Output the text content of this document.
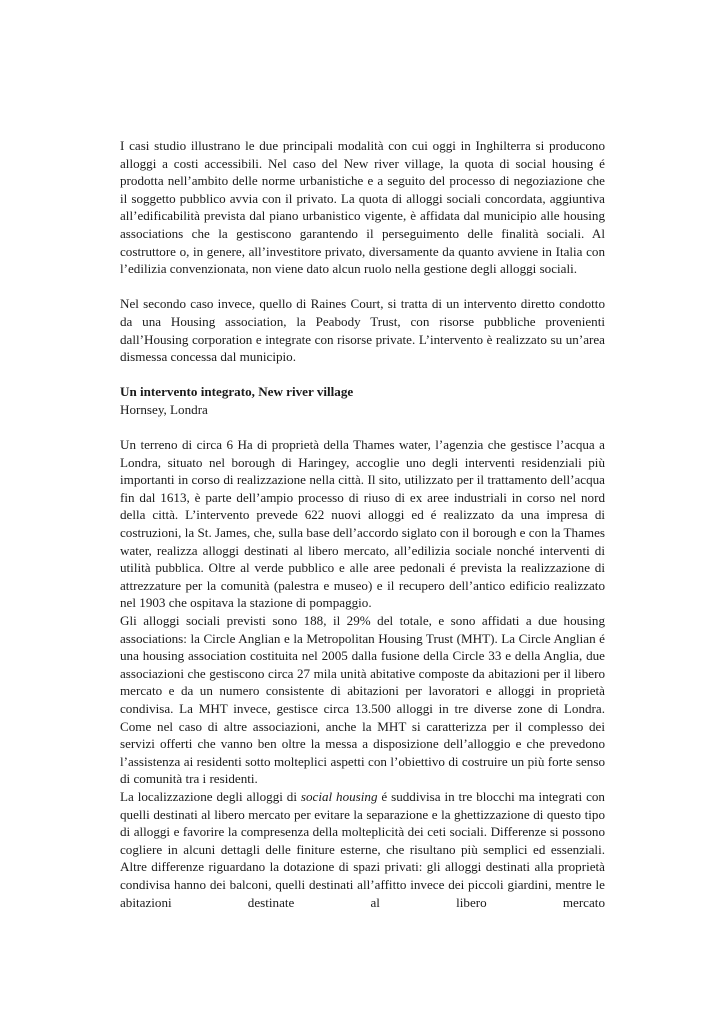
I casi studio illustrano le due principali modalità con cui oggi in Inghilterra si producono alloggi a costi accessibili. Nel caso del New river village, la quota di social housing é prodotta nell’ambito delle norme urbanistiche e a seguito del processo di negoziazione che il soggetto pubblico avvia con il privato. La quota di alloggi sociali concordata, aggiuntiva all’edificabilità prevista dal piano urbanistico vigente, è affidata dal municipio alle housing associations che la gestiscono garantendo il perseguimento delle finalità sociali. Al costruttore o, in genere, all’investitore privato, diversamente da quanto avviene in Italia con l’edilizia convenzionata, non viene dato alcun ruolo nella gestione degli alloggi sociali.

Nel secondo caso invece, quello di Raines Court, si tratta di un intervento diretto condotto da una Housing association, la Peabody Trust, con risorse pubbliche provenienti dall’Housing corporation e integrate con risorse private. L’intervento è realizzato su un’area dismessa concessa dal municipio.

Un intervento integrato, New river village

Hornsey, Londra

Un terreno di circa 6 Ha di proprietà della Thames water, l’agenzia che gestisce l’acqua a Londra, situato nel borough di Haringey, accoglie uno degli interventi residenziali più importanti in corso di realizzazione nella città. Il sito, utilizzato per il trattamento dell’acqua fin dal 1613, è parte dell’ampio processo di riuso di ex aree industriali in corso nel nord della città. L’intervento prevede 622 nuovi alloggi ed é realizzato da una impresa di costruzioni, la St. James, che, sulla base dell’accordo siglato con il borough e con la Thames water, realizza alloggi destinati al libero mercato, all’edilizia sociale nonché interventi di utilità pubblica. Oltre al verde pubblico e alle aree pedonali é prevista la realizzazione di attrezzature per la comunità (palestra e museo) e il recupero dell’antico edificio realizzato nel 1903 che ospitava la stazione di pompaggio.

Gli alloggi sociali previsti sono 188, il 29% del totale, e sono affidati a due housing associations: la Circle Anglian e la Metropolitan Housing Trust (MHT). La Circle Anglian é una housing association costituita nel 2005 dalla fusione della Circle 33 e della Anglia, due associazioni che gestiscono circa 27 mila unità abitative composte da abitazioni per il libero mercato e da un numero consistente di abitazioni per lavoratori e alloggi in proprietà condivisa. La MHT invece, gestisce circa 13.500 alloggi in tre diverse zone di Londra. Come nel caso di altre associazioni, anche la MHT si caratterizza per il complesso dei servizi offerti che vanno ben oltre la messa a disposizione dell’alloggio e che prevedono l’assistenza ai residenti sotto molteplici aspetti con l’obiettivo di costruire un più forte senso di comunità tra i residenti.

La localizzazione degli alloggi di social housing é suddivisa in tre blocchi ma integrati con quelli destinati al libero mercato per evitare la separazione e la ghettizzazione di questo tipo di alloggi e favorire la compresenza della molteplicità dei ceti sociali. Differenze si possono cogliere in alcuni dettagli delle finiture esterne, che risultano più semplici ed essenziali. Altre differenze riguardano la dotazione di spazi privati: gli alloggi destinati alla proprietà condivisa hanno dei balconi, quelli destinati all’affitto invece dei piccoli giardini, mentre le abitazioni destinate al libero mercato
